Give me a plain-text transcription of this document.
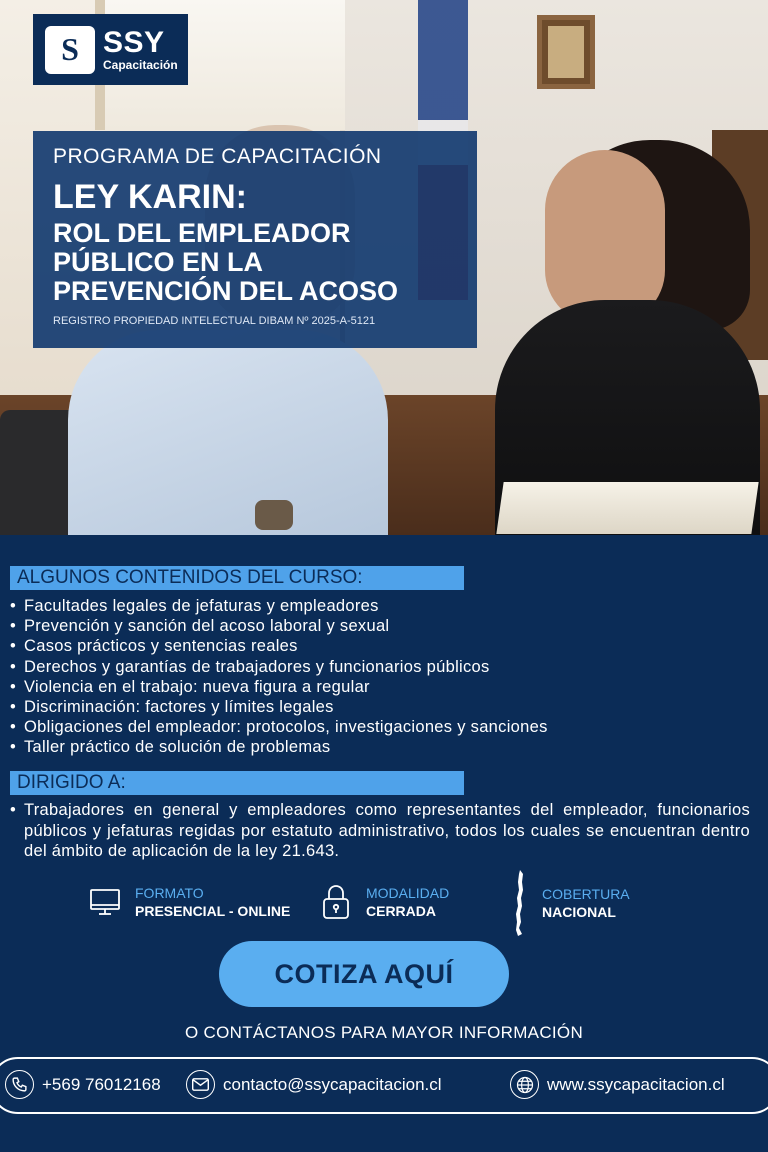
S SSY
Capacitación
PROGRAMA DE CAPACITACIÓN
LEY KARIN:
ROL DEL EMPLEADOR
PÚBLICO EN LA
PREVENCIÓN DEL ACOSO
REGISTRO PROPIEDAD INTELECTUAL DIBAM Nº 2025-A-5121
ALGUNOS CONTENIDOS DEL CURSO:
• Facultades legales de jefaturas y empleadores
• Prevención y sanción del acoso laboral y sexual
• Casos prácticos y sentencias reales
• Derechos y garantías de trabajadores y funcionarios públicos
• Violencia en el trabajo: nueva figura a regular
• Discriminación: factores y límites legales
• Obligaciones del empleador: protocolos, investigaciones y sanciones
• Taller práctico de solución de problemas
DIRIGIDO A:
• Trabajadores en general y empleadores como representantes del empleador, funcionarios públicos y jefaturas regidas por estatuto administrativo, todos los cuales se encuentran dentro del ámbito de aplicación de la ley 21.643.
FORMATO
PRESENCIAL - ONLINE
MODALIDAD
CERRADA
COBERTURA
NACIONAL
COTIZA AQUÍ
O CONTÁCTANOS PARA MAYOR INFORMACIÓN
+569 76012168	contacto@ssycapacitacion.cl	www.ssycapacitacion.cl
